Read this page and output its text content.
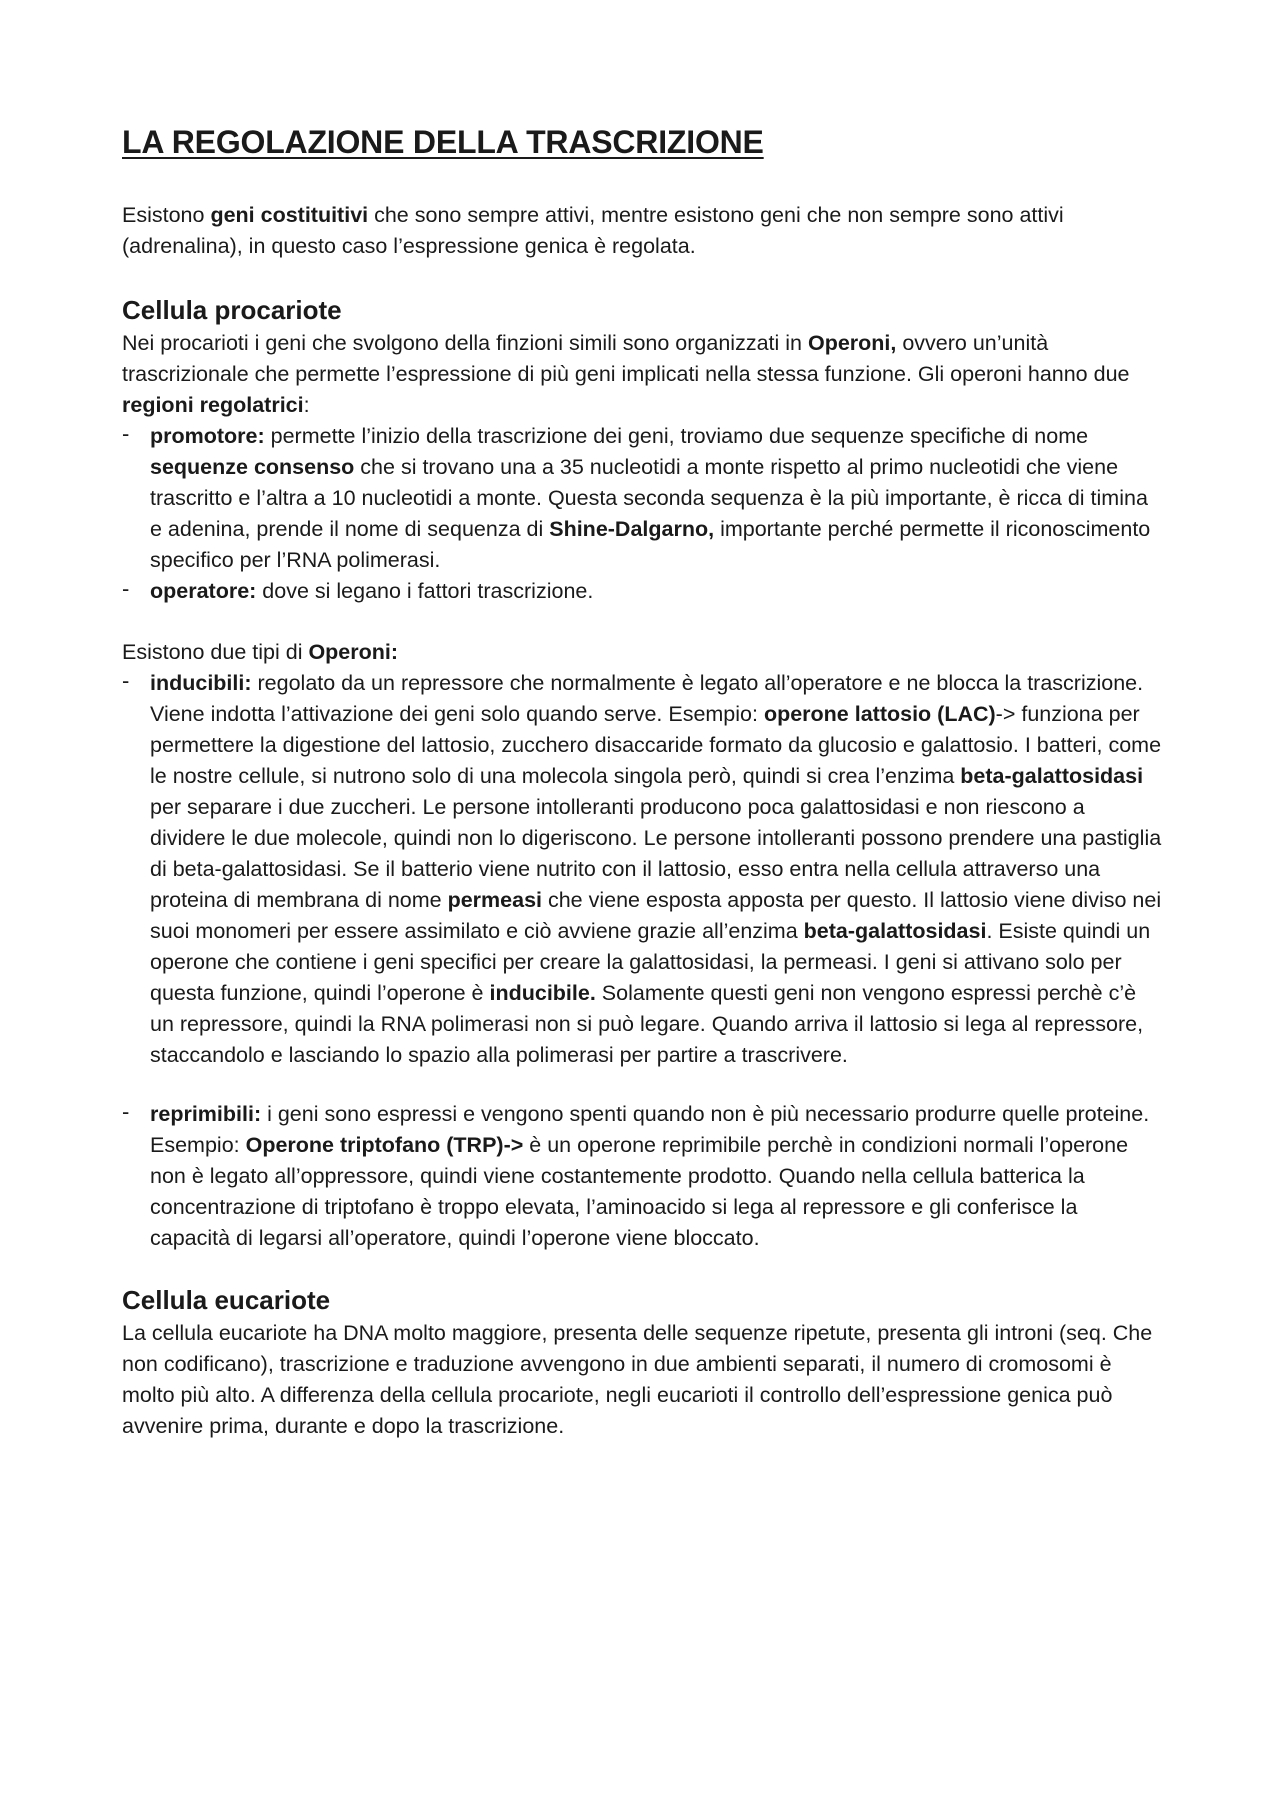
LA REGOLAZIONE DELLA TRASCRIZIONE

Esistono geni costituitivi che sono sempre attivi, mentre esistono geni che non sempre sono attivi (adrenalina), in questo caso l’espressione genica è regolata.

Cellula procariote

Nei procarioti i geni che svolgono della finzioni simili sono organizzati in Operoni, ovvero un’unità trascrizionale che permette l’espressione di più geni implicati nella stessa funzione. Gli operoni hanno due regioni regolatrici:

- promotore: permette l’inizio della trascrizione dei geni, troviamo due sequenze specifiche di nome sequenze consenso che si trovano una a 35 nucleotidi a monte rispetto al primo nucleotidi che viene trascritto e l’altra a 10 nucleotidi a monte. Questa seconda sequenza è la più importante, è ricca di timina e adenina, prende il nome di sequenza di Shine-Dalgarno, importante perché permette il riconoscimento specifico per l’RNA polimerasi.
- operatore: dove si legano i fattori trascrizione.

Esistono due tipi di Operoni:

- inducibili: regolato da un repressore che normalmente è legato all’operatore e ne blocca la trascrizione. Viene indotta l’attivazione dei geni solo quando serve. Esempio: operone lattosio (LAC)-> funziona per permettere la digestione del lattosio, zucchero disaccaride formato da glucosio e galattosio. I batteri, come le nostre cellule, si nutrono solo di una molecola singola però, quindi si crea l’enzima beta-galattosidasi per separare i due zuccheri. Le persone intolleranti producono poca galattosidasi e non riescono a dividere le due molecole, quindi non lo digeriscono. Le persone intolleranti possono prendere una pastiglia di beta-galattosidasi. Se il batterio viene nutrito con il lattosio, esso entra nella cellula attraverso una proteina di membrana di nome permeasi che viene esposta apposta per questo. Il lattosio viene diviso nei suoi monomeri per essere assimilato e ciò avviene grazie all’enzima beta-galattosidasi. Esiste quindi un operone che contiene i geni specifici per creare la galattosidasi, la permeasi. I geni si attivano solo per questa funzione, quindi l’operone è inducibile. Solamente questi geni non vengono espressi perchè c’è un repressore, quindi la RNA polimerasi non si può legare. Quando arriva il lattosio si lega al repressore, staccandolo e lasciando lo spazio alla polimerasi per partire a trascrivere.
- reprimibili: i geni sono espressi e vengono spenti quando non è più necessario produrre quelle proteine. Esempio: Operone triptofano (TRP)-> è un operone reprimibile perchè in condizioni normali l’operone non è legato all’oppressore, quindi viene costantemente prodotto. Quando nella cellula batterica la concentrazione di triptofano è troppo elevata, l’aminoacido si lega al repressore e gli conferisce la capacità di legarsi all’operatore, quindi l’operone viene bloccato.
Cellula eucariote

La cellula eucariote ha DNA molto maggiore, presenta delle sequenze ripetute, presenta gli introni (seq. Che non codificano), trascrizione e traduzione avvengono in due ambienti separati, il numero di cromosomi è molto più alto. A differenza della cellula procariote, negli eucarioti il controllo dell’espressione genica può avvenire prima, durante e dopo la trascrizione.
